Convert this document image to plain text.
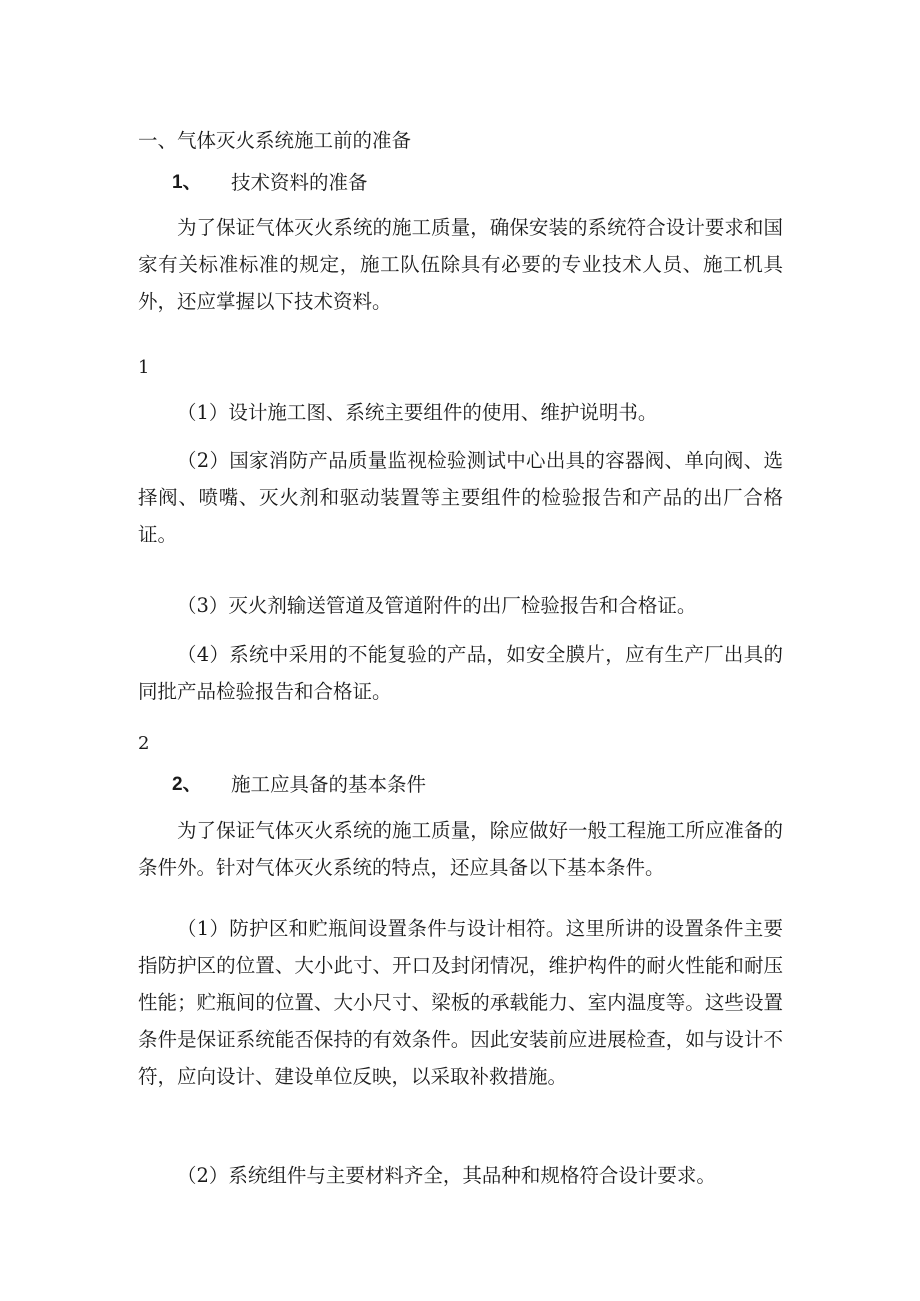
一、气体灭火系统施工前的准备
1、 技术资料的准备
为了保证气体灭火系统的施工质量，确保安装的系统符合设计要求和国家有关标准标准的规定，施工队伍除具有必要的专业技术人员、施工机具外，还应掌握以下技术资料。
1
（1）设计施工图、系统主要组件的使用、维护说明书。
（2）国家消防产品质量监视检验测试中心出具的容器阀、单向阀、选择阀、喷嘴、灭火剂和驱动装置等主要组件的检验报告和产品的出厂合格证。
（3）灭火剂输送管道及管道附件的出厂检验报告和合格证。
（4）系统中采用的不能复验的产品，如安全膜片，应有生产厂出具的同批产品检验报告和合格证。
2
2、 施工应具备的基本条件
为了保证气体灭火系统的施工质量，除应做好一般工程施工所应准备的条件外。针对气体灭火系统的特点，还应具备以下基本条件。
（1）防护区和贮瓶间设置条件与设计相符。这里所讲的设置条件主要指防护区的位置、大小此寸、开口及封闭情况，维护构件的耐火性能和耐压性能；贮瓶间的位置、大小尺寸、梁板的承载能力、室内温度等。这些设置条件是保证系统能否保持的有效条件。因此安装前应进展检查，如与设计不符，应向设计、建设单位反映，以采取补救措施。
（2）系统组件与主要材料齐全，其品种和规格符合设计要求。
